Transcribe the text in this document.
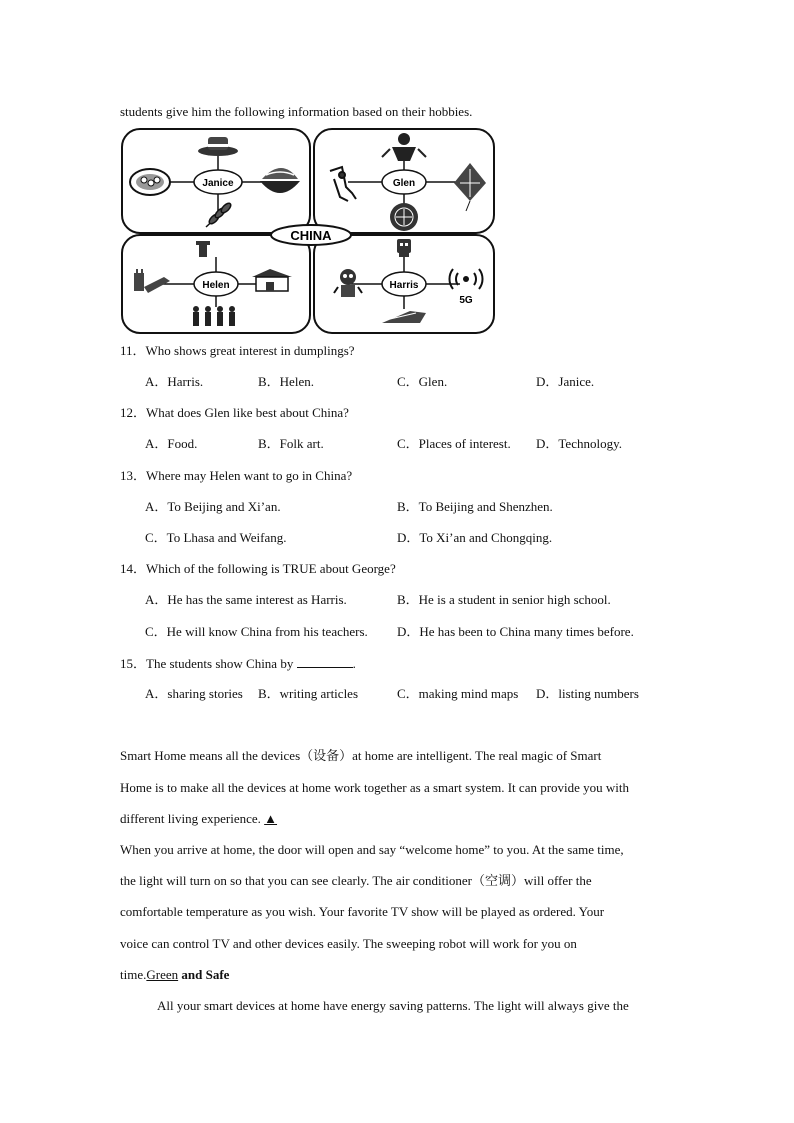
students give him the following information based on their hobbies.
Janice	Glen
Helen	Harris
5G
CHINA
11．Who shows great interest in dumplings?
A．Harris.	B．Helen.	C．Glen.	D．Janice.
12．What does Glen like best about China?
A．Food.	B．Folk art.	C．Places of interest. D．Technology.
13．Where may Helen want to go in China?
A．To Beijing and Xi’an.	B．To Beijing and Shenzhen.
C．To Lhasa and Weifang.	D．To Xi’an and Chongqing.
14．Which of the following is TRUE about George?
A．He has the same interest as Harris.	B．He is a student in senior high school.
C．He will know China from his teachers. D．He has been to China many times before.
15．The students show China by	.
A．sharing stories B．writing articles	C．making mind maps D．listing numbers
Smart Home means all the devices（设备）at home are intelligent. The real magic of Smart
Home is to make all the devices at home work together as a smart system. It can provide you with
different living experience. ▲
When you arrive at home, the door will open and say “welcome home” to you. At the same time,
the light will turn on so that you can see clearly. The air conditioner（空调）will offer the
comfortable temperature as you wish. Your favorite TV show will be played as ordered. Your
voice can control TV and other devices easily. The sweeping robot will work for you on
time.Green and Safe
All your smart devices at home have energy saving patterns. The light will always give the
